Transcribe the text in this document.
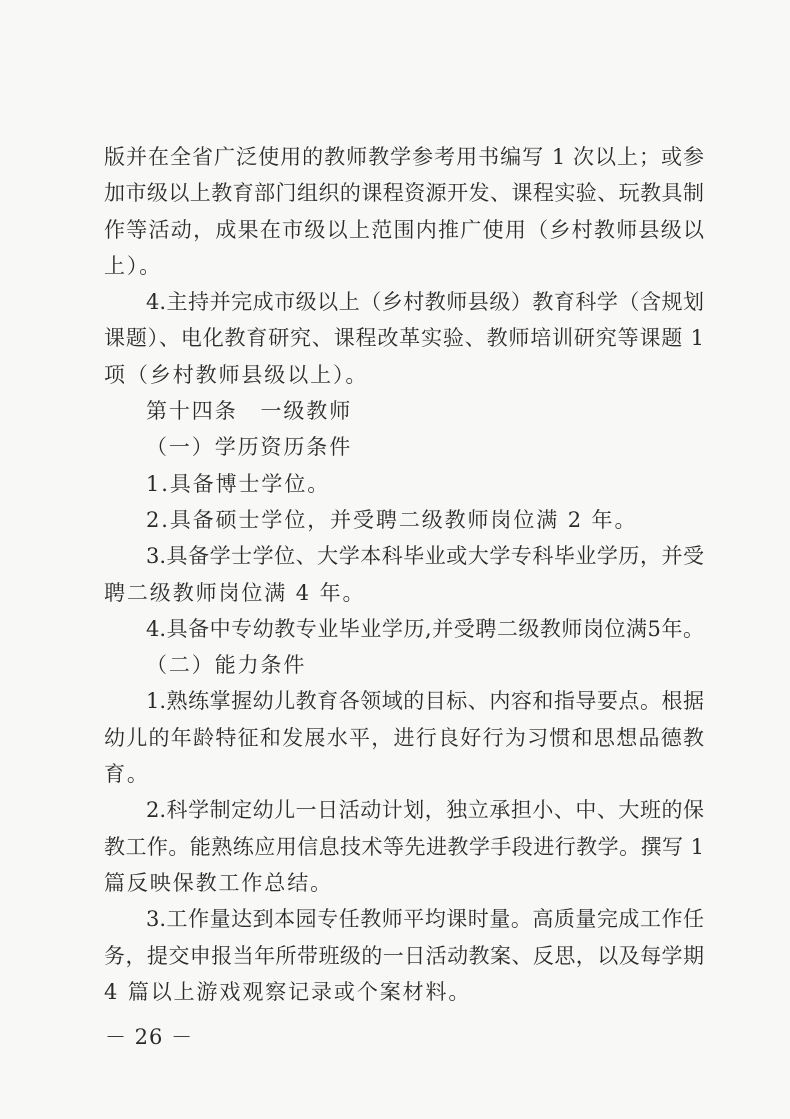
版并在全省广泛使用的教师教学参考用书编写 1 次以上；或参
加市级以上教育部门组织的课程资源开发、课程实验、玩教具制
作等活动，成果在市级以上范围内推广使用（乡村教师县级以
上）。
4.主持并完成市级以上（乡村教师县级）教育科学（含规划
课题）、电化教育研究、课程改革实验、教师培训研究等课题 1
项（乡村教师县级以上）。
第十四条　一级教师
（一）学历资历条件
1.具备博士学位。
2.具备硕士学位，并受聘二级教师岗位满 2 年。
3.具备学士学位、大学本科毕业或大学专科毕业学历，并受
聘二级教师岗位满 4 年。
4.具备中专幼教专业毕业学历,并受聘二级教师岗位满5年。
（二）能力条件
1.熟练掌握幼儿教育各领域的目标、内容和指导要点。根据
幼儿的年龄特征和发展水平，进行良好行为习惯和思想品德教
育。
2.科学制定幼儿一日活动计划，独立承担小、中、大班的保
教工作。能熟练应用信息技术等先进教学手段进行教学。撰写 1
篇反映保教工作总结。
3.工作量达到本园专任教师平均课时量。高质量完成工作任
务，提交申报当年所带班级的一日活动教案、反思，以及每学期
4 篇以上游戏观察记录或个案材料。
－ 26 －
